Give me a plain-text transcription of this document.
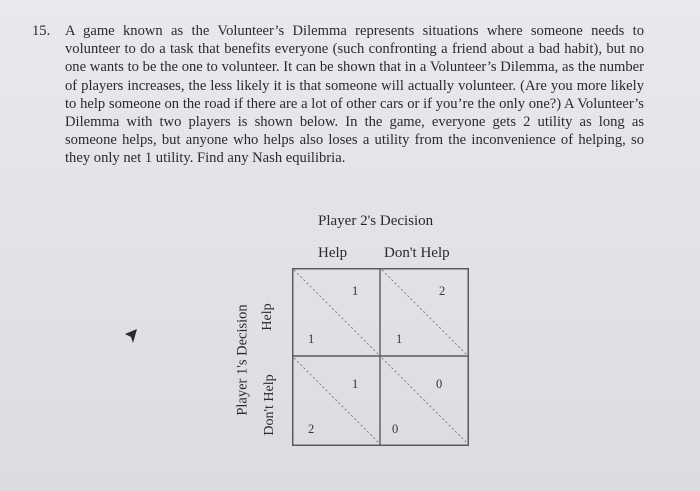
15. A game known as the Volunteer’s Dilemma represents situations where someone needs to volunteer to do a task that benefits everyone (such confronting a friend about a bad habit), but no one wants to be the one to volunteer. It can be shown that in a Volunteer’s Dilemma, as the number of players increases, the less likely it is that someone will actually volunteer. (Are you more likely to help someone on the road if there are a lot of other cars or if you’re the only one?) A Volunteer’s Dilemma with two players is shown below. In the game, everyone gets 2 utility as long as someone helps, but anyone who helps also loses a utility from the inconvenience of helping, so they only net 1 utility. Find any Nash equilibria.
Player 2's Decision
Help Don't Help
Player 1's Decision Help
Don't Help
1
1
2
1
1
2
0
0
